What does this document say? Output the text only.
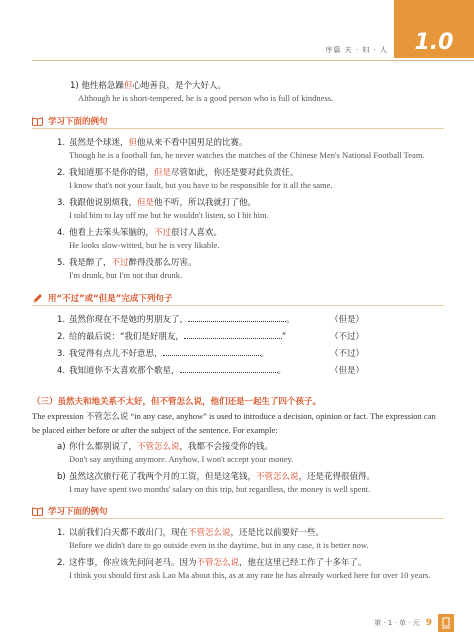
序篇 夫 · 妇 · 人 1.0
1) 他性格急躁但心地善良，是个大好人。
Although he is short-tempered, he is a good person who is full of kindness.
学习下面的例句
1. 虽然是个球迷，但他从来不看中国男足的比赛。
Though he is a football fan, he never watches the matches of the Chinese Men's National Football Team.
2. 我知道那不是你的错，但是尽管如此，你还是要对此负责任。
I know that's not your fault, but you have to be responsible for it all the same.
3. 我跟他说别烦我，但是他不听，所以我就打了他。
I told him to lay off me but he wouldn't listen, so I hit him.
4. 他看上去笨头笨脑的，不过很讨人喜欢。
He looks slow-witted, but he is very likable.
5. 我是醉了，不过醉得没那么厉害。
I'm drunk, but I'm not that drunk.
用“不过”或“但是”完成下列句子
1. 虽然你现在不是她的男朋友了，	。	（但是）
2. 给的最后说：“我们是好朋友，	”	（不过）
3. 我觉得有点儿不好意思，	。	（不过）
4. 我知道你不太喜欢那个歌星，	。	（但是）
（三）虽然夫和地关系不太好，但不管怎么说，他们还是一起生了四个孩子。
The expression 不管怎么说 “in any case, anyhow” is used to introduce a decision, opinion or fact. The expression can be placed either before or after the subject of the sentence. For example:
a) 你什么都别说了，不管怎么说，我都不会接受你的钱。
Don't say anything anymore. Anyhow, I won't accept your money.
b) 虽然这次旅行花了我两个月的工资，但是这笔钱，不管怎么说，还是花得很值得。
I may have spent two months' salary on this trip, but regardless, the money is well spent.
学习下面的例句
1. 以前我们白天都不敢出门，现在不管怎么说，还是比以前要好一些。
Before we didn't dare to go outside even in the daytime, but in any case, it is better now.
2. 这件事，你应该先问问老马。因为不管怎么说，他在这里已经工作了十多年了。
I think you should first ask Lao Ma about this, as at any rate he has already worked here for over 10 years.
第 · 1 · 单 · 元 9
